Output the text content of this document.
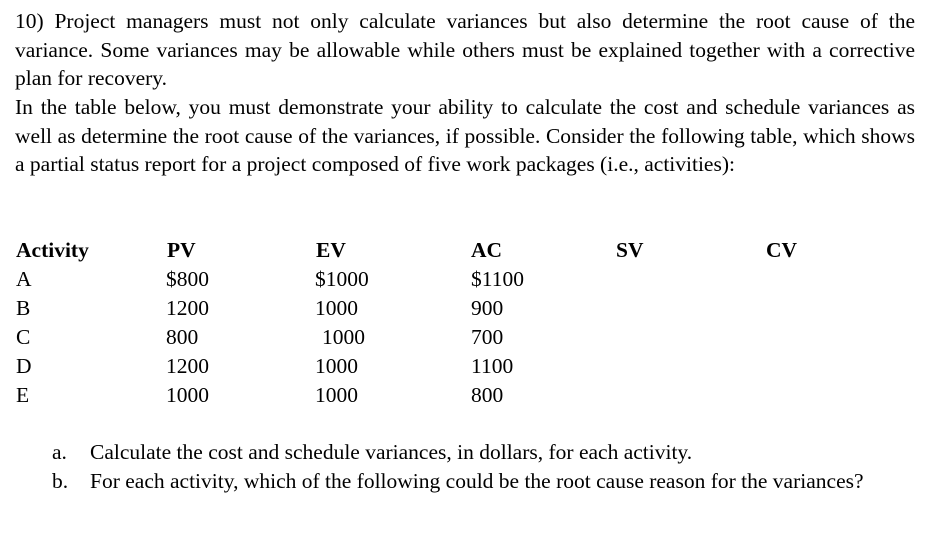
10) Project managers must not only calculate variances but also determine the root cause of the variance. Some variances may be allowable while others must be explained together with a corrective plan for recovery.

In the table below, you must demonstrate your ability to calculate the cost and schedule variances as well as determine the root cause of the variances, if possible. Consider the following table, which shows a partial status report for a project composed of five work packages (i.e., activities):

Activity	PV	EV	AC	SV	CV
A	$800	$1000	$1100
B	1200	1000	900
C	800	1000	700
D	1200	1000	1100
E	1000	1000	800
a.	Calculate the cost and schedule variances, in dollars, for each activity.
b.	For each activity, which of the following could be the root cause reason for the variances?
